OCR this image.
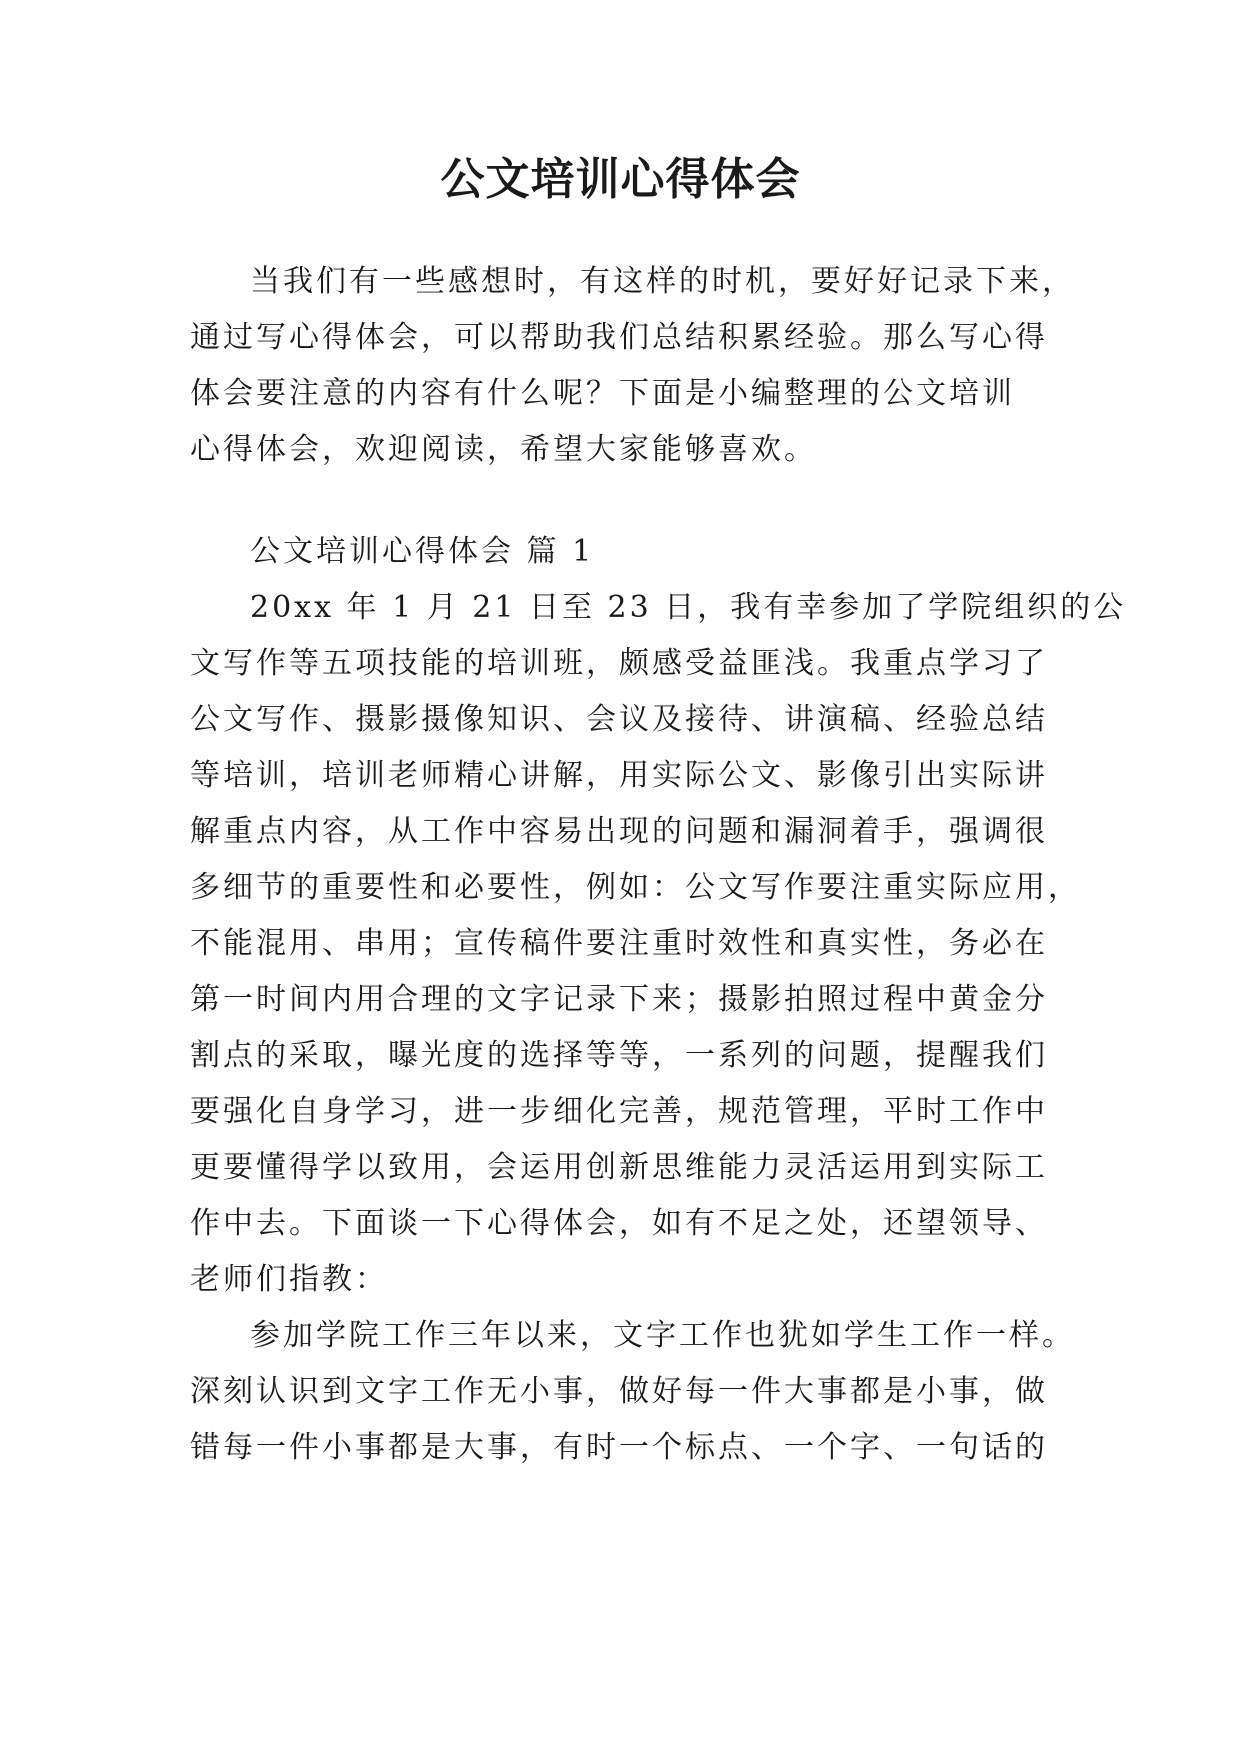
公文培训心得体会
当我们有一些感想时，有这样的时机，要好好记录下来，
通过写心得体会，可以帮助我们总结积累经验。那么写心得
体会要注意的内容有什么呢？下面是小编整理的公文培训
心得体会，欢迎阅读，希望大家能够喜欢。
公文培训心得体会 篇 1
20xx 年 1 月 21 日至 23 日，我有幸参加了学院组织的公
文写作等五项技能的培训班，颇感受益匪浅。我重点学习了
公文写作、摄影摄像知识、会议及接待、讲演稿、经验总结
等培训，培训老师精心讲解，用实际公文、影像引出实际讲
解重点内容，从工作中容易出现的问题和漏洞着手，强调很
多细节的重要性和必要性，例如：公文写作要注重实际应用，
不能混用、串用；宣传稿件要注重时效性和真实性，务必在
第一时间内用合理的文字记录下来；摄影拍照过程中黄金分
割点的采取，曝光度的选择等等，一系列的问题，提醒我们
要强化自身学习，进一步细化完善，规范管理，平时工作中
更要懂得学以致用，会运用创新思维能力灵活运用到实际工
作中去。下面谈一下心得体会，如有不足之处，还望领导、
老师们指教：
参加学院工作三年以来，文字工作也犹如学生工作一样。
深刻认识到文字工作无小事，做好每一件大事都是小事，做
错每一件小事都是大事，有时一个标点、一个字、一句话的
